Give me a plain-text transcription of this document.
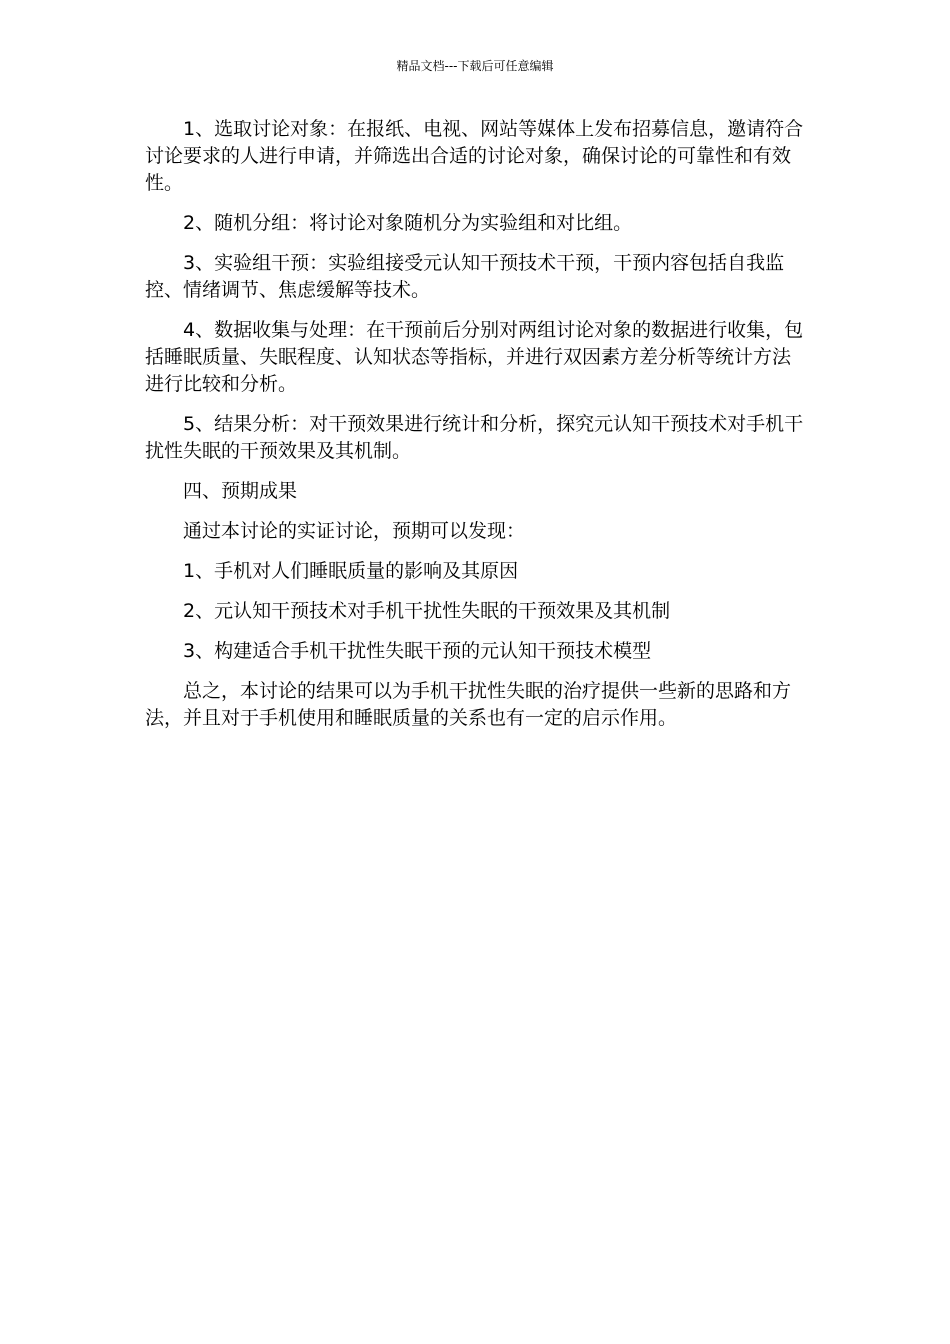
精品文档---下载后可任意编辑

1、选取讨论对象：在报纸、电视、网站等媒体上发布招募信息，邀请符合讨论要求的人进行申请，并筛选出合适的讨论对象，确保讨论的可靠性和有效性。

2、随机分组：将讨论对象随机分为实验组和对比组。

3、实验组干预：实验组接受元认知干预技术干预，干预内容包括自我监控、情绪调节、焦虑缓解等技术。

4、数据收集与处理：在干预前后分别对两组讨论对象的数据进行收集，包括睡眠质量、失眠程度、认知状态等指标，并进行双因素方差分析等统计方法进行比较和分析。

5、结果分析：对干预效果进行统计和分析，探究元认知干预技术对手机干扰性失眠的干预效果及其机制。

四、预期成果

通过本讨论的实证讨论，预期可以发现：

1、手机对人们睡眠质量的影响及其原因

2、元认知干预技术对手机干扰性失眠的干预效果及其机制

3、构建适合手机干扰性失眠干预的元认知干预技术模型

总之，本讨论的结果可以为手机干扰性失眠的治疗提供一些新的思路和方法，并且对于手机使用和睡眠质量的关系也有一定的启示作用。
